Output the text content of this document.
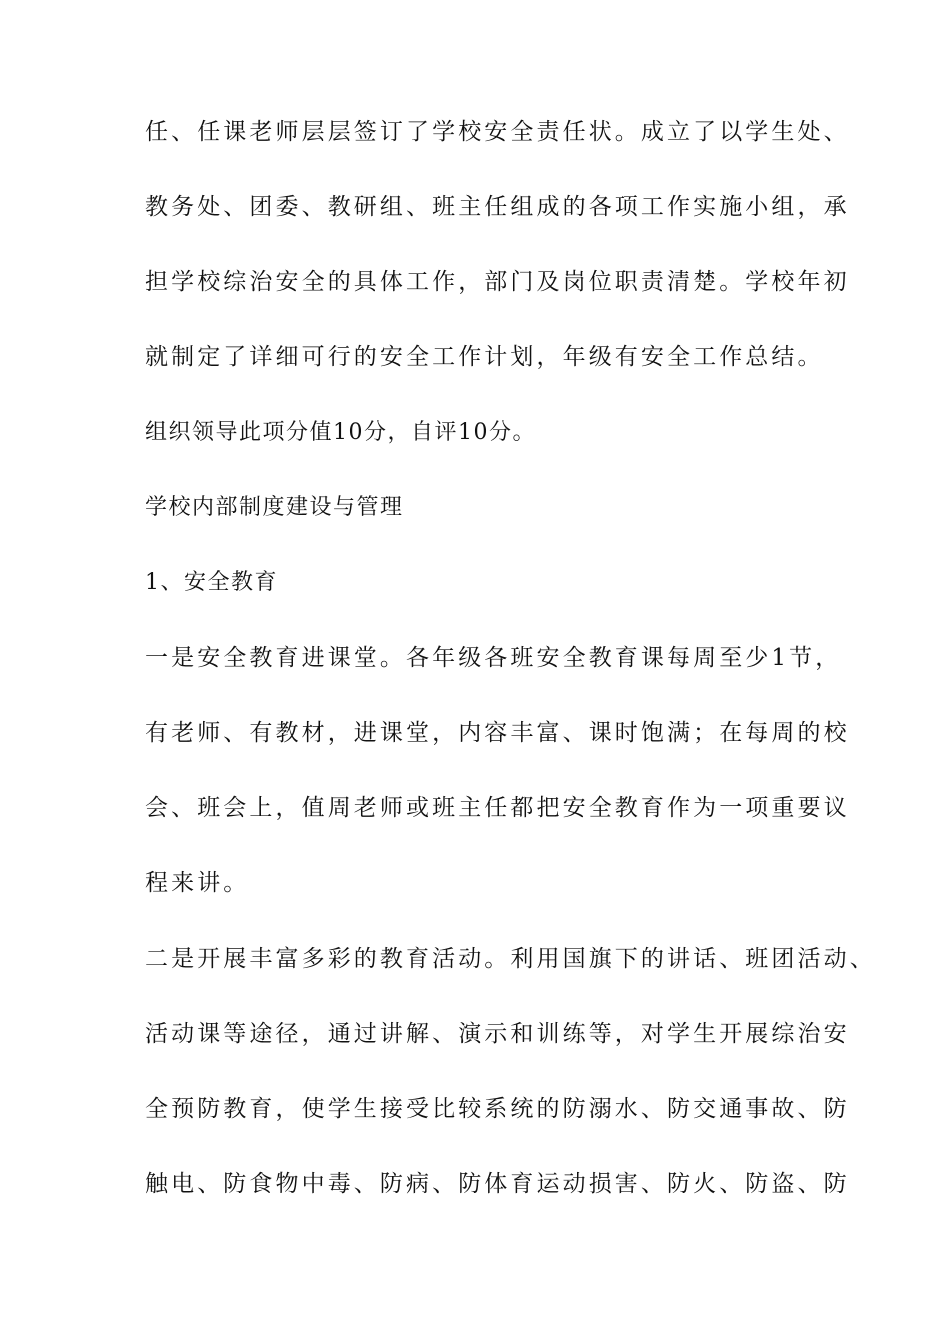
任、任课老师层层签订了学校安全责任状。成立了以学生处、
教务处、团委、教研组、班主任组成的各项工作实施小组，承
担学校综治安全的具体工作，部门及岗位职责清楚。学校年初
就制定了详细可行的安全工作计划，年级有安全工作总结。
组织领导此项分值10分，自评10分。
学校内部制度建设与管理
1、安全教育
一是安全教育进课堂。各年级各班安全教育课每周至少1节，
有老师、有教材，进课堂，内容丰富、课时饱满；在每周的校
会、班会上，值周老师或班主任都把安全教育作为一项重要议
程来讲。
二是开展丰富多彩的教育活动。利用国旗下的讲话、班团活动、
活动课等途径，通过讲解、演示和训练等，对学生开展综治安
全预防教育，使学生接受比较系统的防溺水、防交通事故、防
触电、防食物中毒、防病、防体育运动损害、防火、防盗、防
